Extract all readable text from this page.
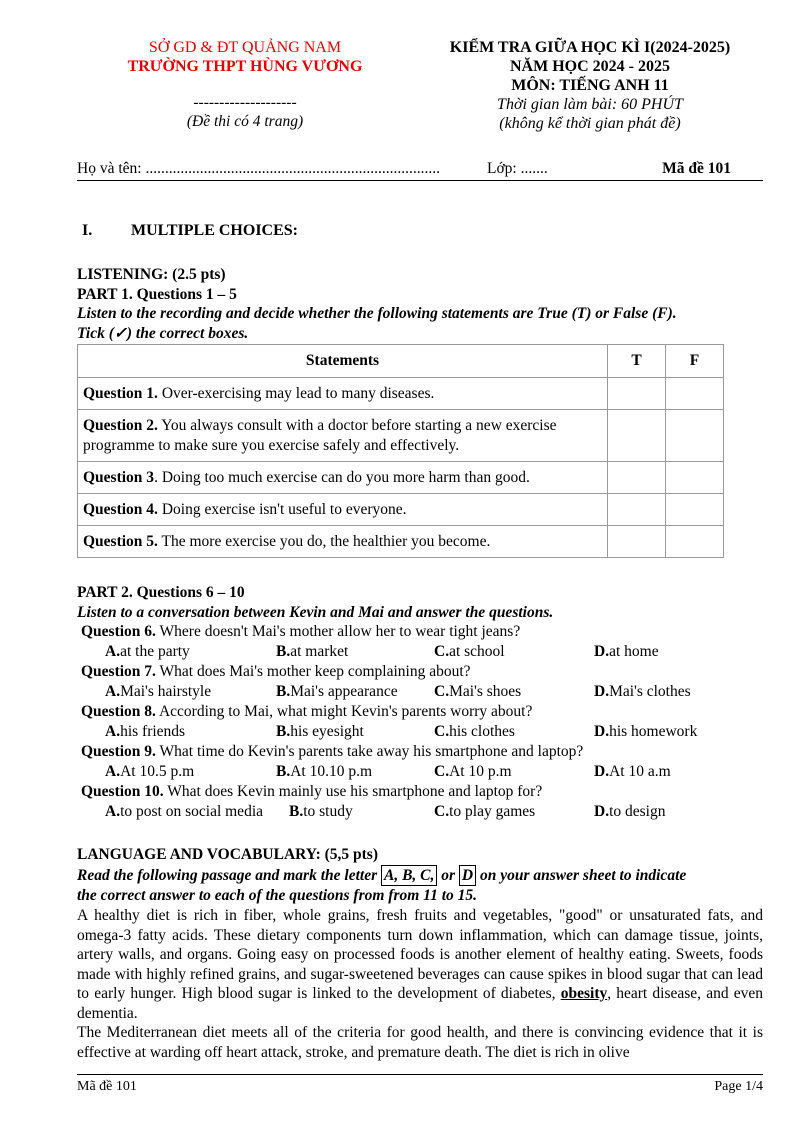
SỞ GD & ĐT QUẢNG NAM
TRƯỜNG THPT HÙNG VƯƠNG
--------------------
(Đề thi có 4 trang)
KIỂM TRA GIỮA HỌC KÌ I(2024-2025)
NĂM HỌC 2024 - 2025
MÔN: TIẾNG ANH 11
Thời gian làm bài: 60 PHÚT
(không kể thời gian phát đề)
Họ và tên: ............................................................................	Lớp: .......	Mã đề 101
I. MULTIPLE CHOICES:
LISTENING: (2.5 pts)
PART 1. Questions 1 – 5
Listen to the recording and decide whether the following statements are True (T) or False (F).
Tick (✓) the correct boxes.
Statements	T	F
Question 1. Over-exercising may lead to many diseases.		
Question 2. You always consult with a doctor before starting a new exercise programme to make sure you exercise safely and effectively.		
Question 3. Doing too much exercise can do you more harm than good.		
Question 4. Doing exercise isn't useful to everyone.		
Question 5. The more exercise you do, the healthier you become.		
PART 2. Questions 6 – 10
Listen to a conversation between Kevin and Mai and answer the questions.
Question 6. Where doesn't Mai's mother allow her to wear tight jeans?
A. at the party	B. at market	C. at school	D. at home
Question 7. What does Mai's mother keep complaining about?
A. Mai's hairstyle	B. Mai's appearance C. Mai's shoes	D. Mai's clothes
Question 8. According to Mai, what might Kevin's parents worry about?
A. his friends	B. his eyesight	C. his clothes	D. his homework
Question 9. What time do Kevin's parents take away his smartphone and laptop?
A. At 10.5 p.m	B. At 10.10 p.m	C. At 10 p.m	D. At 10 a.m
Question 10. What does Kevin mainly use his smartphone and laptop for?
A. to post on social media B. to study	C. to play games	D. to design
LANGUAGE AND VOCABULARY: (5,5 pts)
Read the following passage and mark the letter A, B, C, or D on your answer sheet to indicate
the correct answer to each of the questions from from 11 to 15.
A healthy diet is rich in fiber, whole grains, fresh fruits and vegetables, "good" or unsaturated fats, and omega-3 fatty acids. These dietary components turn down inflammation, which can damage tissue, joints, artery walls, and organs. Going easy on processed foods is another element of healthy eating. Sweets, foods made with highly refined grains, and sugar-sweetened beverages can cause spikes in blood sugar that can lead to early hunger. High blood sugar is linked to the development of diabetes, obesity, heart disease, and even dementia.
The Mediterranean diet meets all of the criteria for good health, and there is convincing evidence that it is effective at warding off heart attack, stroke, and premature death. The diet is rich in olive
Mã đề 101	Page 1/4
